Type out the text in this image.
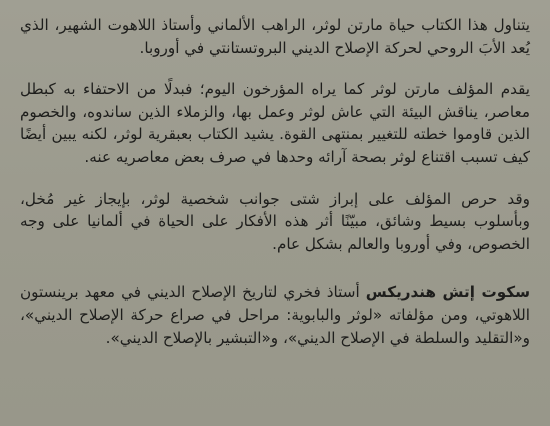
يتناول هذا الكتاب حياة مارتن لوثر، الراهب الألماني وأستاذ اللاهوت الشهير، الذي يُعد الأبَ الروحي لحركة الإصلاح الديني البروتستانتي في أوروبا.

يقدم المؤلف مارتن لوثر كما يراه المؤرخون اليوم؛ فبدلًا من الاحتفاء به كبطل معاصر، يناقش البيئة التي عاش لوثر وعمل بها، والزملاء الذين ساندوه، والخصوم الذين قاوموا خطته للتغيير بمنتهى القوة. يشيد الكتاب بعبقرية لوثر، لكنه يبين أيضًا كيف تسبب اقتناع لوثر بصحة آرائه وحدها في صرف بعض معاصريه عنه.

وقد حرص المؤلف على إبراز شتى جوانب شخصية لوثر، بإيجاز غير مُخل، وبأسلوب بسيط وشائق، مبيّنًا أثر هذه الأفكار على الحياة في ألمانيا على وجه الخصوص، وفي أوروبا والعالم بشكل عام.

سكوت إتش هندريكس أستاذ فخري لتاريخ الإصلاح الديني في معهد برينستون اللاهوتي، ومن مؤلفاته «لوثر والبابوية: مراحل في صراع حركة الإصلاح الديني»، و«التقليد والسلطة في الإصلاح الديني»، و«التبشير بالإصلاح الديني».
